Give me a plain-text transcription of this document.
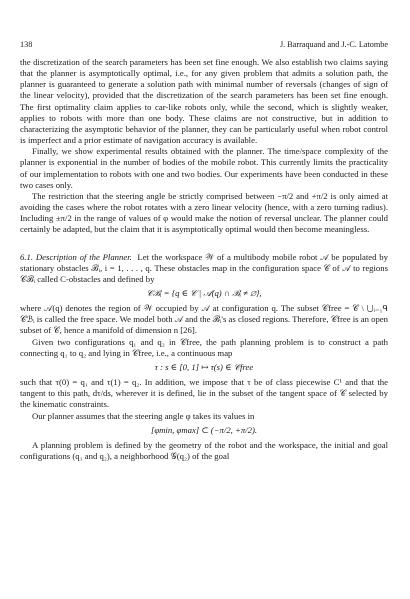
138	J. Barraquand and J.-C. Latombe

the discretization of the search parameters has been set fine enough. We also establish two claims saying that the planner is asymptotically optimal, i.e., for any given problem that admits a solution path, the planner is guaranteed to generate a solution path with minimal number of reversals (changes of sign of the linear velocity), provided that the discretization of the search parameters has been set fine enough. The first optimality claim applies to car-like robots only, while the second, which is slightly weaker, applies to robots with more than one body. These claims are not constructive, but in addition to characterizing the asymptotic behavior of the planner, they can be particularly useful when robot control is imperfect and a prior estimate of navigation accuracy is available.

Finally, we show experimental results obtained with the planner. The time/space complexity of the planner is exponential in the number of bodies of the mobile robot. This currently limits the practicality of our implementation to robots with one and two bodies. Our experiments have been conducted in these two cases only.

The restriction that the steering angle be strictly comprised between −π/2 and +π/2 is only aimed at avoiding the cases where the robot rotates with a zero linear velocity (hence, with a zero turning radius). Including ±π/2 in the range of values of φ would make the notion of reversal unclear. The planner could certainly be adapted, but the claim that it is asymptotically optimal would then become meaningless.

6.1. Description of the Planner. Let the workspace 𝒲 of a multibody mobile robot 𝒜 be populated by stationary obstacles ℬᵢ, i = 1, . . . , q. These obstacles map in the configuration space 𝒞 of 𝒜 to regions 𝒞ℬᵢ called C-obstacles and defined by

𝒞ℬᵢ = {q ∈ 𝒞 | 𝒜(q) ∩ ℬᵢ ≠ ∅},

where 𝒜(q) denotes the region of 𝒲 occupied by 𝒜 at configuration q. The subset 𝒞free = 𝒞 \ ⋃ᵢ₌₁ᑫ 𝒞ℬᵢ is called the free space. We model both 𝒜 and the ℬᵢ's as closed regions. Therefore, 𝒞free is an open subset of 𝒞, hence a manifold of dimension n [26].

Given two configurations q₁ and q₂ in 𝒞free, the path planning problem is to construct a path connecting q₁ to q₂ and lying in 𝒞free, i.e., a continuous map

τ : s ∈ [0, 1] ↦ τ(s) ∈ 𝒞free

such that τ(0) = q₁ and τ(1) = q₂. In addition, we impose that τ be of class piecewise C¹ and that the tangent to this path, dτ/ds, wherever it is defined, lie in the subset of the tangent space of 𝒞 selected by the kinematic constraints.

Our planner assumes that the steering angle φ takes its values in

[φmin, φmax] ⊂ (−π/2, +π/2).

A planning problem is defined by the geometry of the robot and the workspace, the initial and goal configurations (q₁ and q₂), a neighborhood 𝒢(q₂) of the goal
